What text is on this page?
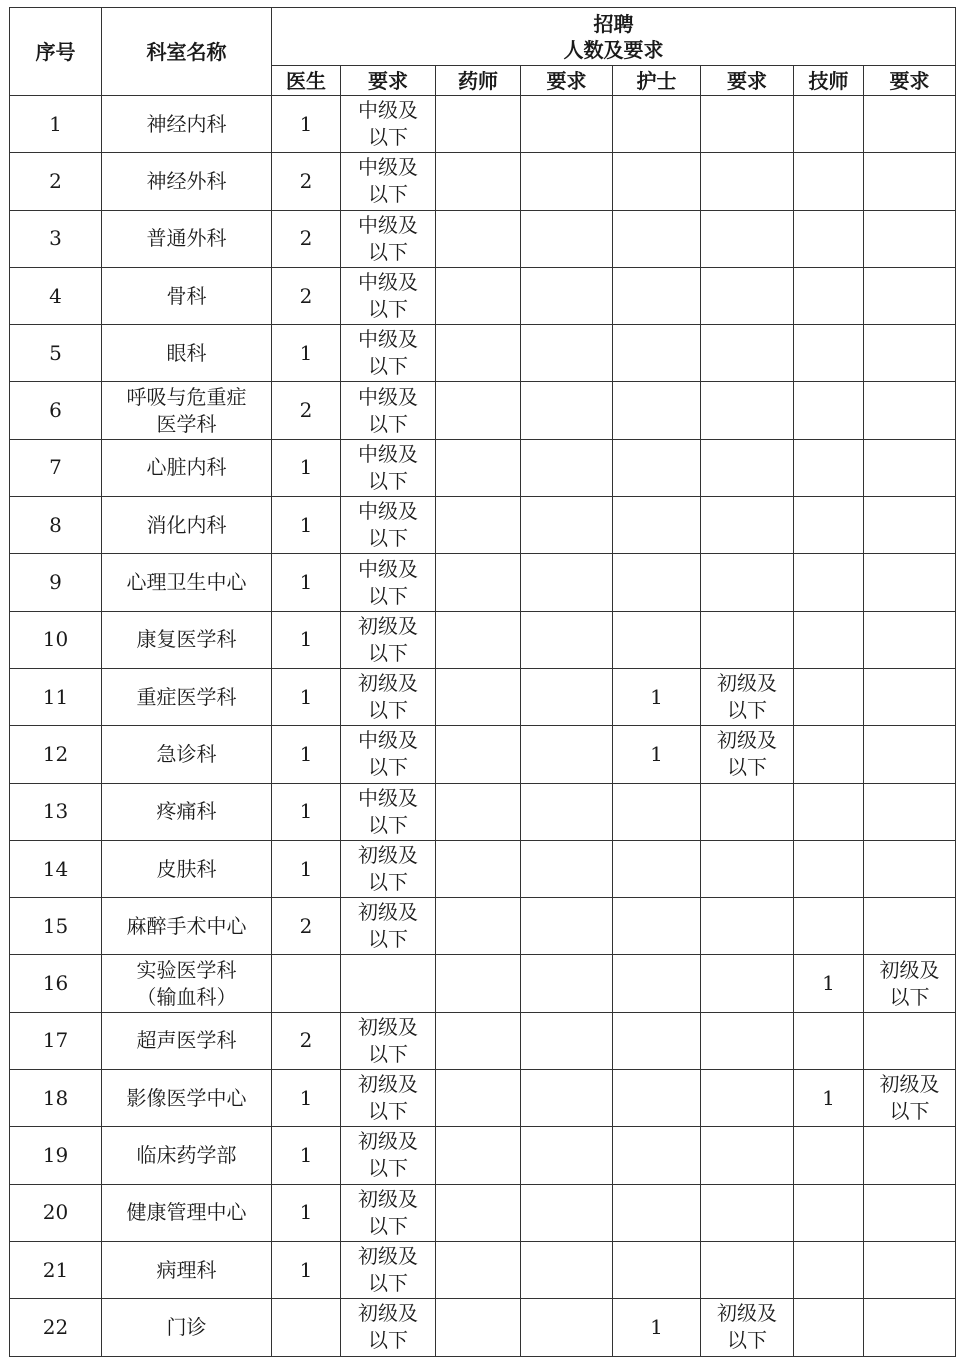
序号	科室名称	招聘
人数及要求							

		医生	要求	药师	要求	护士	要求	技师	要求
1	神经内科	1	中级及以下						
2	神经外科	2	中级及以下						
3	普通外科	2	中级及以下						
4	骨科	2	中级及以下						
5	眼科	1	中级及以下						
6	呼吸与危重症医学科	2	中级及以下						
7	心脏内科	1	中级及以下						
8	消化内科	1	中级及以下						
9	心理卫生中心	1	中级及以下						
10	康复医学科	1	初级及以下						
11	重症医学科	1	初级及以下			1	初级及以下		
12	急诊科	1	中级及以下			1	初级及以下		
13	疼痛科	1	中级及以下						
14	皮肤科	1	初级及以下						
15	麻醉手术中心	2	初级及以下						
16	实验医学科（输血科）							1	初级及以下
17	超声医学科	2	初级及以下						
18	影像医学中心	1	初级及以下					1	初级及以下
19	临床药学部	1	初级及以下						
20	健康管理中心	1	初级及以下						
21	病理科	1	初级及以下						
22	门诊		初级及以下			1	初级及以下		
